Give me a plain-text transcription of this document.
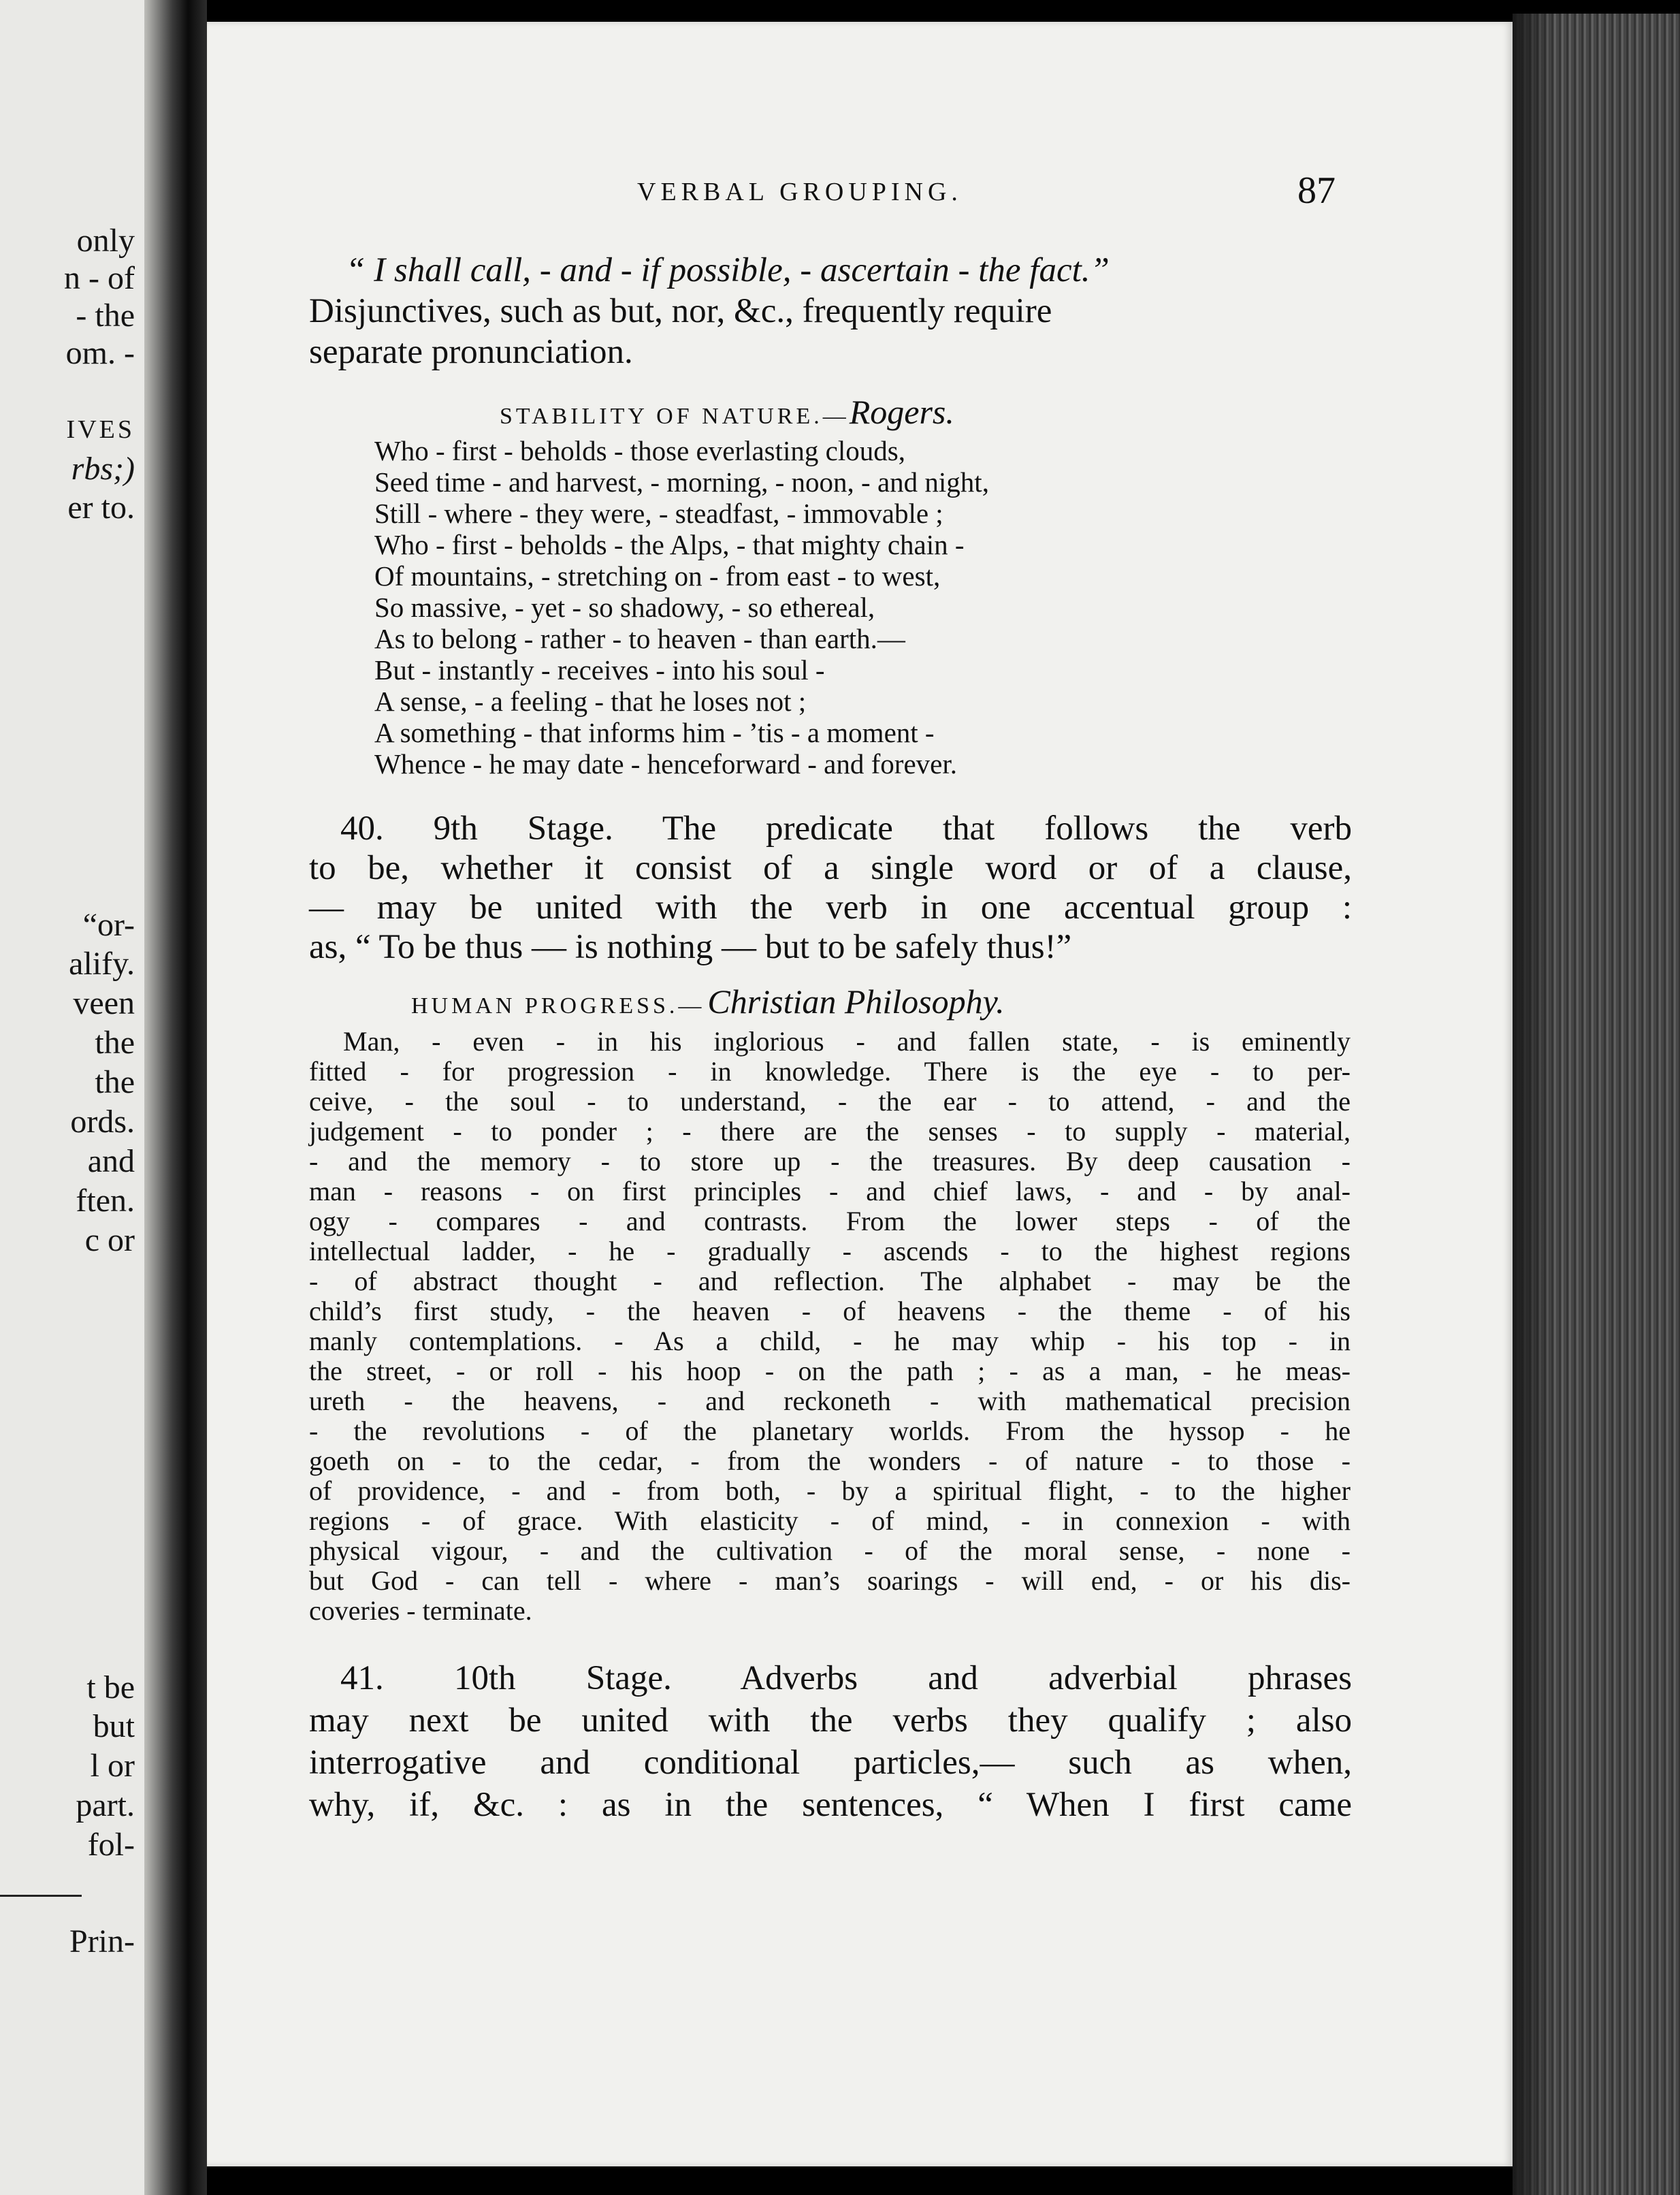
only
n - of
- the
om. -
IVES
rbs;)
er to.
“or-
alify.
veen
the
the
ords.
and
ften.
c or
t be
but
l or
part.
fol-
Prin-
VERBAL GROUPING.	87
“ I shall call, - and - if possible, - ascertain - the fact.”
Disjunctives, such as but, nor, &c., frequently require
separate pronunciation.
STABILITY OF NATURE.—Rogers.
Who - first - beholds - those everlasting clouds,
Seed time - and harvest, - morning, - noon, - and night,
Still - where - they were, - steadfast, - immovable ;
Who - first - beholds - the Alps, - that mighty chain -
Of mountains, - stretching on - from east - to west,
So massive, - yet - so shadowy, - so ethereal,
As to belong - rather - to heaven - than earth.—
But - instantly - receives - into his soul -
A sense, - a feeling - that he loses not ;
A something - that informs him - ’tis - a moment -
Whence - he may date - henceforward - and forever.
40. 9th Stage. The predicate that follows the verb
to be, whether it consist of a single word or of a clause,
— may be united with the verb in one accentual group :
as, “ To be thus — is nothing — but to be safely thus!”
HUMAN PROGRESS.— Christian Philosophy.
Man, - even - in his inglorious - and fallen state, - is eminently
fitted - for progression - in knowledge. There is the eye - to per-
ceive, - the soul - to understand, - the ear - to attend, - and the
judgement - to ponder ; - there are the senses - to supply - material,
- and the memory - to store up - the treasures. By deep causation -
man - reasons - on first principles - and chief laws, - and - by anal-
ogy - compares - and contrasts. From the lower steps - of the
intellectual ladder, - he - gradually - ascends - to the highest regions
- of abstract thought - and reflection. The alphabet - may be the
child’s first study, - the heaven - of heavens - the theme - of his
manly contemplations. - As a child, - he may whip - his top - in
the street, - or roll - his hoop - on the path ; - as a man, - he meas-
ureth - the heavens, - and reckoneth - with mathematical precision
- the revolutions - of the planetary worlds. From the hyssop - he
goeth on - to the cedar, - from the wonders - of nature - to those -
of providence, - and - from both, - by a spiritual flight, - to the higher
regions - of grace. With elasticity - of mind, - in connexion - with
physical vigour, - and the cultivation - of the moral sense, - none -
but God - can tell - where - man’s soarings - will end, - or his dis-
coveries - terminate.
41. 10th Stage. Adverbs and adverbial phrases
may next be united with the verbs they qualify ; also
interrogative and conditional particles,— such as when,
why, if, &c. : as in the sentences, “ When I first came
